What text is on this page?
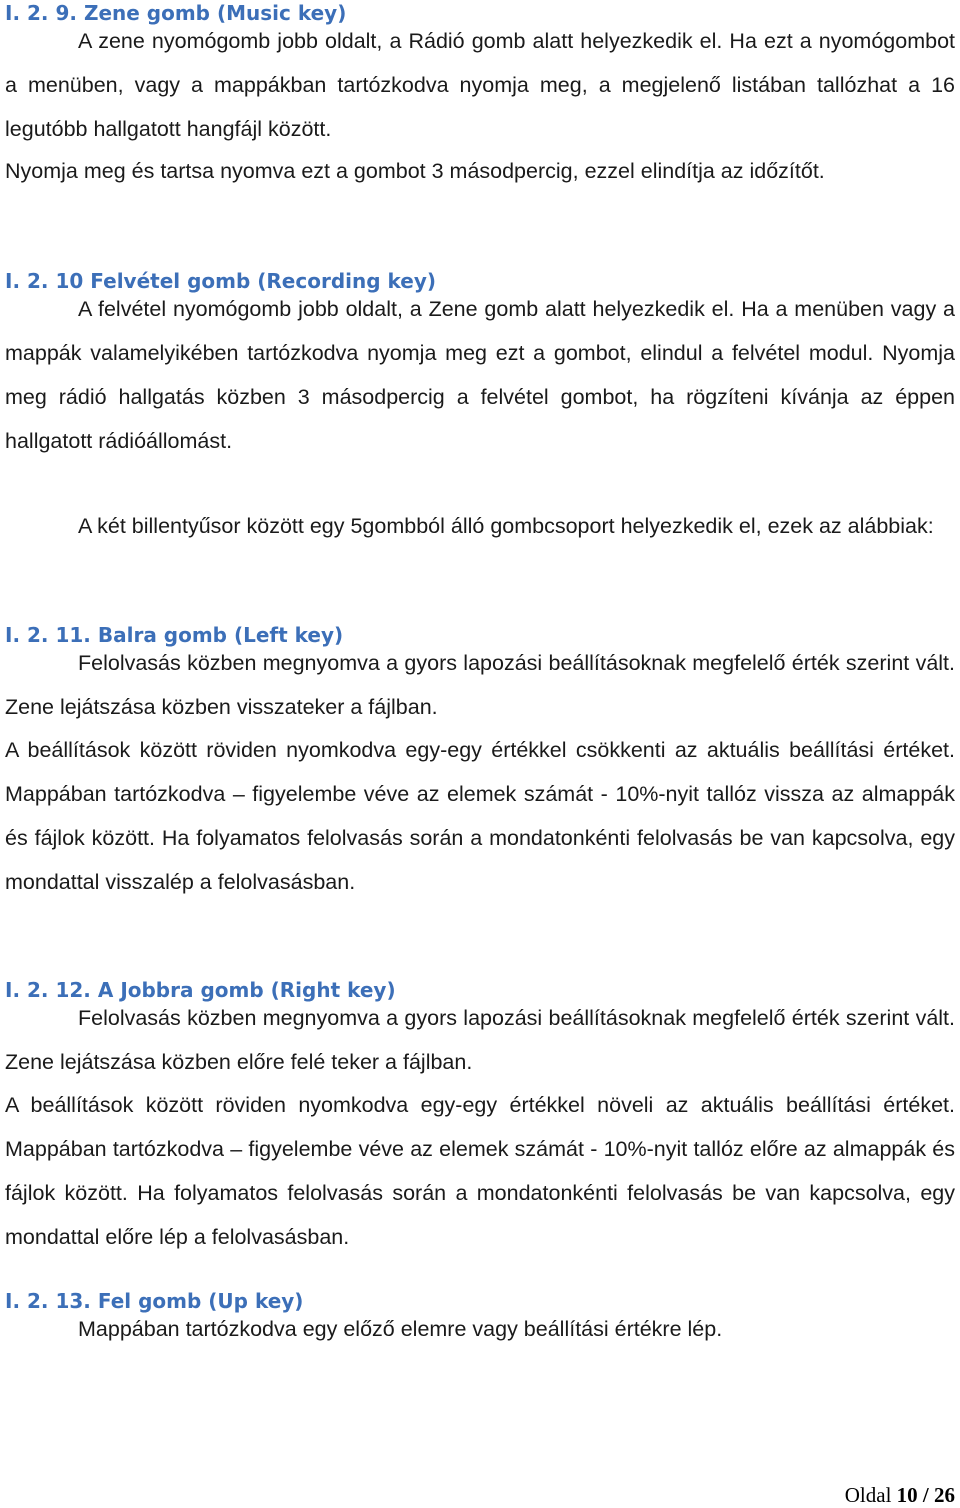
I. 2. 9. Zene gomb (Music key)

A zene nyomógomb jobb oldalt, a Rádió gomb alatt helyezkedik el. Ha ezt a nyomógombot a menüben, vagy a mappákban tartózkodva nyomja meg, a megjelenő listában tallózhat a 16 legutóbb hallgatott hangfájl között.

Nyomja meg és tartsa nyomva ezt a gombot 3 másodpercig, ezzel elindítja az időzítőt.

I. 2. 10 Felvétel gomb (Recording key)

A felvétel nyomógomb jobb oldalt, a Zene gomb alatt helyezkedik el. Ha a menüben vagy a mappák valamelyikében tartózkodva nyomja meg ezt a gombot, elindul a felvétel modul. Nyomja meg rádió hallgatás közben 3 másodpercig a felvétel gombot, ha rögzíteni kívánja az éppen hallgatott rádióállomást.

A két billentyűsor között egy 5gombból álló gombcsoport helyezkedik el, ezek az alábbiak:

I. 2. 11. Balra gomb (Left key)

Felolvasás közben megnyomva a gyors lapozási beállításoknak megfelelő érték szerint vált. Zene lejátszása közben visszateker a fájlban.

A beállítások között röviden nyomkodva egy-egy értékkel csökkenti az aktuális beállítási értéket. Mappában tartózkodva – figyelembe véve az elemek számát - 10%-nyit tallóz vissza az almappák és fájlok között. Ha folyamatos felolvasás során a mondatonkénti felolvasás be van kapcsolva, egy mondattal visszalép a felolvasásban.

I. 2. 12. A Jobbra gomb (Right key)

Felolvasás közben megnyomva a gyors lapozási beállításoknak megfelelő érték szerint vált. Zene lejátszása közben előre felé teker a fájlban.

A beállítások között röviden nyomkodva egy-egy értékkel növeli az aktuális beállítási értéket. Mappában tartózkodva – figyelembe véve az elemek számát - 10%-nyit tallóz előre az almappák és fájlok között. Ha folyamatos felolvasás során a mondatonkénti felolvasás be van kapcsolva, egy mondattal előre lép a felolvasásban.

I. 2. 13. Fel gomb (Up key)

Mappában tartózkodva egy előző elemre vagy beállítási értékre lép.

Oldal 10 / 26
